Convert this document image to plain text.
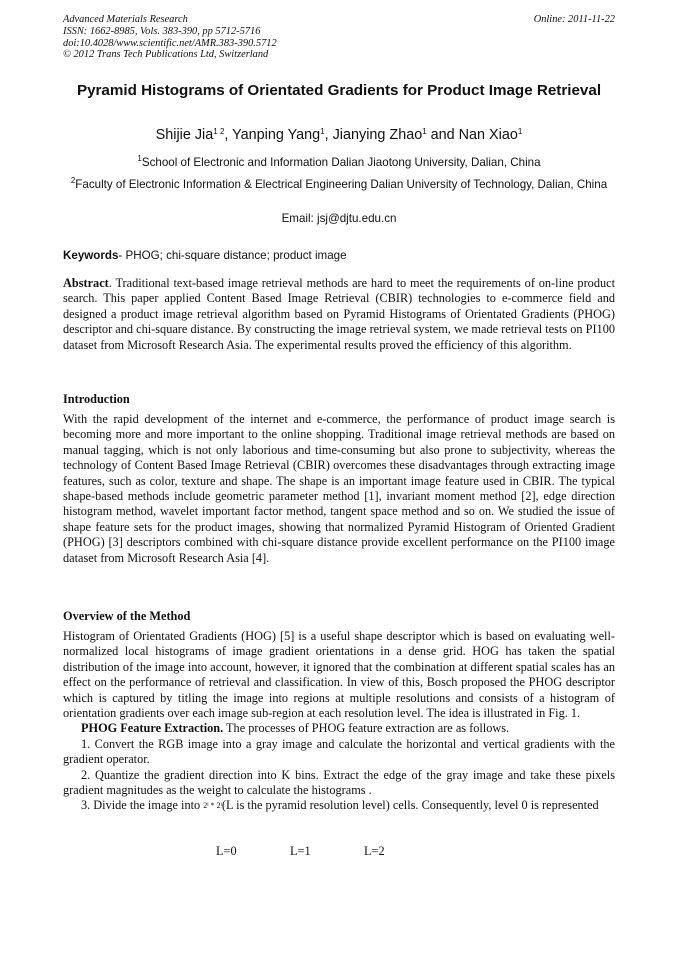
Advanced Materials Research
ISSN: 1662-8985, Vols. 383-390, pp 5712-5716
doi:10.4028/www.scientific.net/AMR.383-390.5712
© 2012 Trans Tech Publications Ltd, Switzerland
Online: 2011-11-22
Pyramid Histograms of Orientated Gradients for Product Image Retrieval
Shijie Jia$^{1 2}$, Yanping Yang$^1$, Jianying Zhao$^1$ and Nan Xiao$^1$
$^1$School of Electronic and Information Dalian Jiaotong University, Dalian, China
$^2$Faculty of Electronic Information & Electrical Engineering Dalian University of Technology, Dalian, China
Email: jsj@djtu.edu.cn
Keywords- PHOG; chi-square distance; product image
Abstract. Traditional text-based image retrieval methods are hard to meet the requirements of on-line product search. This paper applied Content Based Image Retrieval (CBIR) technologies to e-commerce field and designed a product image retrieval algorithm based on Pyramid Histograms of Orientated Gradients (PHOG) descriptor and chi-square distance. By constructing the image retrieval system, we made retrieval tests on PI100 dataset from Microsoft Research Asia. The experimental results proved the efficiency of this algorithm.
Introduction
With the rapid development of the internet and e-commerce, the performance of product image search is becoming more and more important to the online shopping. Traditional image retrieval methods are based on manual tagging, which is not only laborious and time-consuming but also prone to subjectivity, whereas the technology of Content Based Image Retrieval (CBIR) overcomes these disadvantages through extracting image features, such as color, texture and shape. The shape is an important image feature used in CBIR. The typical shape-based methods include geometric parameter method [1], invariant moment method [2], edge direction histogram method, wavelet important factor method, tangent space method and so on. We studied the issue of shape feature sets for the product images, showing that normalized Pyramid Histogram of Oriented Gradient (PHOG) [3] descriptors combined with chi-square distance provide excellent performance on the PI100 image dataset from Microsoft Research Asia [4].
Overview of the Method

Histogram of Orientated Gradients (HOG) [5] is a useful shape descriptor which is based on evaluating well-normalized local histograms of image gradient orientations in a dense grid. HOG has taken the spatial distribution of the image into account, however, it ignored that the combination at different spatial scales has an effect on the performance of retrieval and classification. In view of this, Bosch proposed the PHOG descriptor which is captured by titling the image into regions at multiple resolutions and consists of a histogram of orientation gradients over each image sub-region at each resolution level. The idea is illustrated in Fig. 1.

PHOG Feature Extraction. The processes of PHOG feature extraction are as follows.

1. Convert the RGB image into a gray image and calculate the horizontal and vertical gradients with the gradient operator.

2. Quantize the gradient direction into K bins. Extract the edge of the gray image and take these pixels gradient magnitudes as the weight to calculate the histograms .

3. Divide the image into 2ˡ * 2ˡ(L is the pyramid resolution level) cells. Consequently, level 0 is represented

L=0	L=1	L=2
